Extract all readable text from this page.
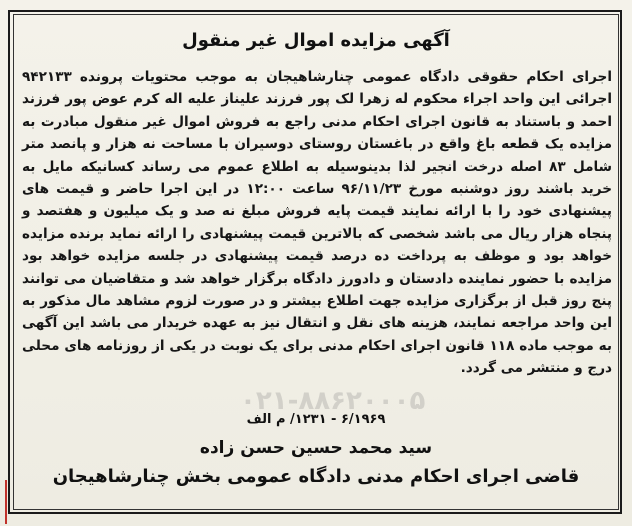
آگهی مزایده اموال غیر منقول
اجرای احکام حقوقی دادگاه عمومی چنارشاهیجان به موجب محتویات پرونده ۹۴۲۱۳۳ اجرائی این واحد اجراء محکوم له زهرا لک پور فرزند علیناز علیه اله کرم عوض پور فرزند احمد و باستناد به قانون اجرای احکام مدنی راجع به فروش اموال غیر منقول مبادرت به مزایده یک قطعه باغ واقع در باغستان روستای دوسیران با مساحت نه هزار و پانصد متر شامل ۸۳ اصله درخت انجیر لذا بدینوسیله به اطلاع عموم می رساند کسانیکه مایل به خرید باشند روز دوشنبه مورخ ۹۶/۱۱/۲۳ ساعت ۱۲:۰۰ در این اجرا حاضر و قیمت های پیشنهادی خود را با ارائه نمایند قیمت پایه فروش مبلغ نه صد و یک میلیون و هفتصد و پنجاه هزار ریال می باشد شخصی که بالاترین قیمت پیشنهادی را ارائه نماید برنده مزایده خواهد بود و موظف به پرداخت ده درصد قیمت پیشنهادی در جلسه مزایده خواهد بود مزایده با حضور نماینده دادستان و دادورز دادگاه برگزار خواهد شد و متقاضیان می توانند پنج روز قبل از برگزاری مزایده جهت اطلاع بیشتر و در صورت لزوم مشاهد مال مذکور به این واحد مراجعه نمایند، هزینه های نقل و انتقال نیز به عهده خریدار می باشد این آگهی به موجب ماده ۱۱۸ قانون اجرای احکام مدنی برای یک نوبت در یکی از روزنامه های محلی درج و منتشر می گردد.
۰۲۱-۸۸۶۲۰۰۰۵
۶/۱۹۶۹ - ۱۲۳۱/ م الف
سید محمد حسین حسن زاده
قاضی اجرای احکام مدنی دادگاه عمومی بخش چنارشاهیجان
